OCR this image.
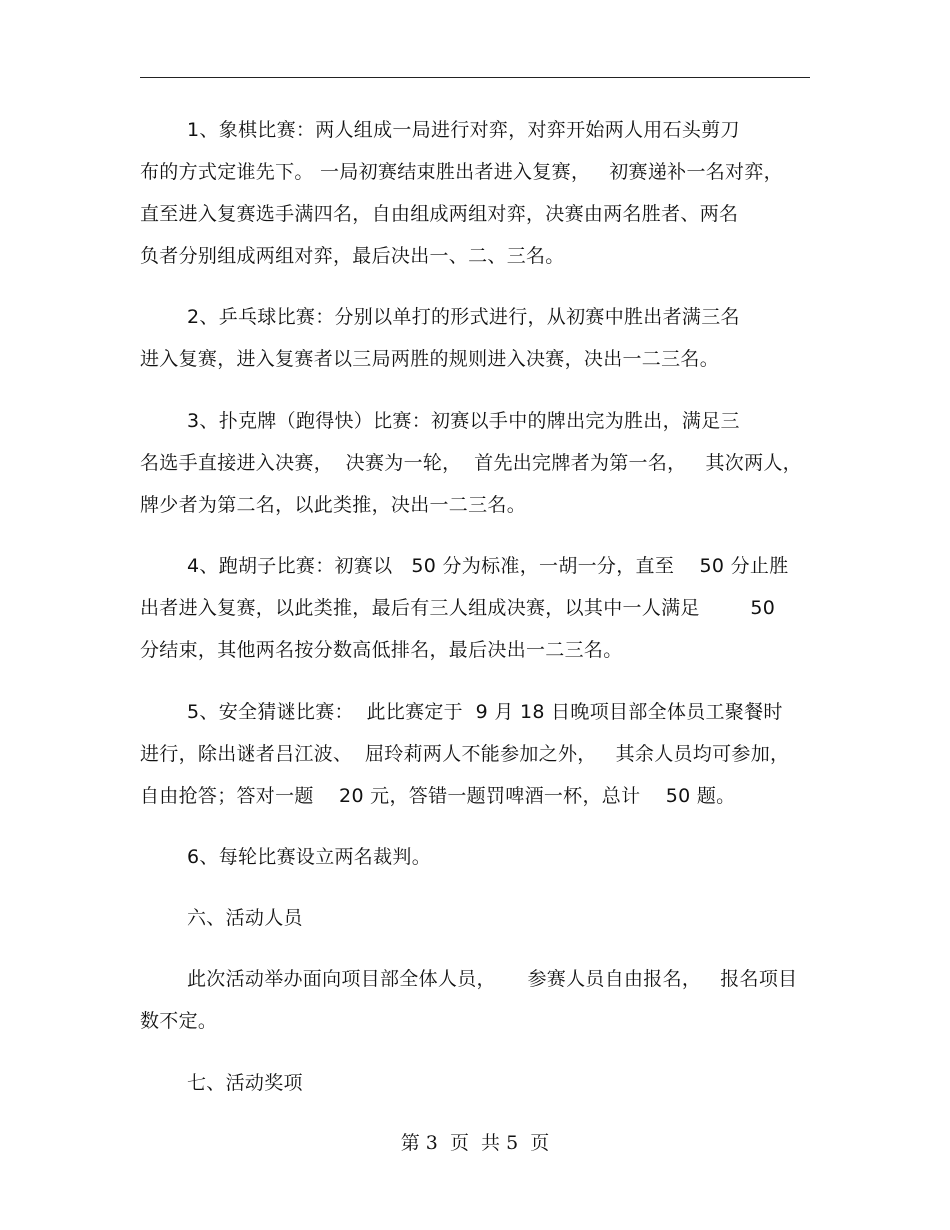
1、象棋比赛：两人组成一局进行对弈，对弈开始两人用石头剪刀
布的方式定谁先下。 一局初赛结束胜出者进入复赛，   初赛递补一名对弈，
直至进入复赛选手满四名，自由组成两组对弈，决赛由两名胜者、两名
负者分别组成两组对弈，最后决出一、二、三名。
2、乒乓球比赛：分别以单打的形式进行，从初赛中胜出者满三名
进入复赛，进入复赛者以三局两胜的规则进入决赛，决出一二三名。
3、扑克牌（跑得快）比赛：初赛以手中的牌出完为胜出，满足三
名选手直接进入决赛，  决赛为一轮，  首先出完牌者为第一名，   其次两人，
牌少者为第二名，以此类推，决出一二三名。
4、跑胡子比赛：初赛以   50 分为标准，一胡一分，直至    50 分止胜
出者进入复赛，以此类推，最后有三人组成决赛，以其中一人满足        50
分结束，其他两名按分数高低排名，最后决出一二三名。
5、安全猜谜比赛：  此比赛定于  9 月 18 日晚项目部全体员工聚餐时
进行，除出谜者吕江波、  屈玲莉两人不能参加之外，   其余人员均可参加，
自由抢答；答对一题    20 元，答错一题罚啤酒一杯，总计    50 题。
6、每轮比赛设立两名裁判。
六、活动人员
此次活动举办面向项目部全体人员，     参赛人员自由报名，   报名项目
数不定。
七、活动奖项
第 3  页  共 5  页
